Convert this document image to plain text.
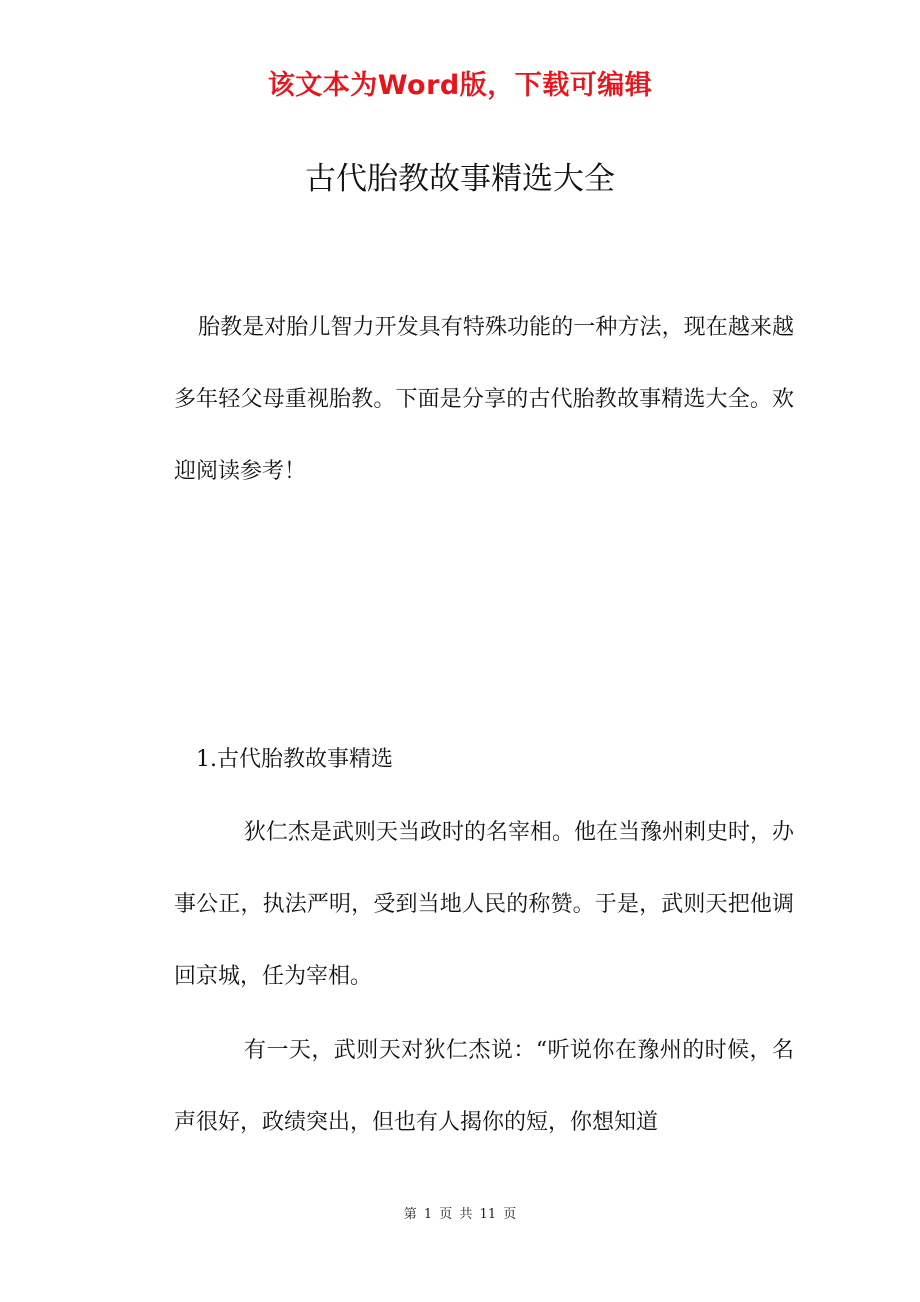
该文本为Word版，下载可编辑
古代胎教故事精选大全

胎教是对胎儿智力开发具有特殊功能的一种方法，现在越来越多年轻父母重视胎教。下面是分享的古代胎教故事精选大全。欢迎阅读参考！

1.古代胎教故事精选

狄仁杰是武则天当政时的名宰相。他在当豫州刺史时，办事公正，执法严明，受到当地人民的称赞。于是，武则天把他调回京城，任为宰相。

有一天，武则天对狄仁杰说：“听说你在豫州的时候，名声很好，政绩突出，但也有人揭你的短，你想知道

第 1 页 共 11 页
